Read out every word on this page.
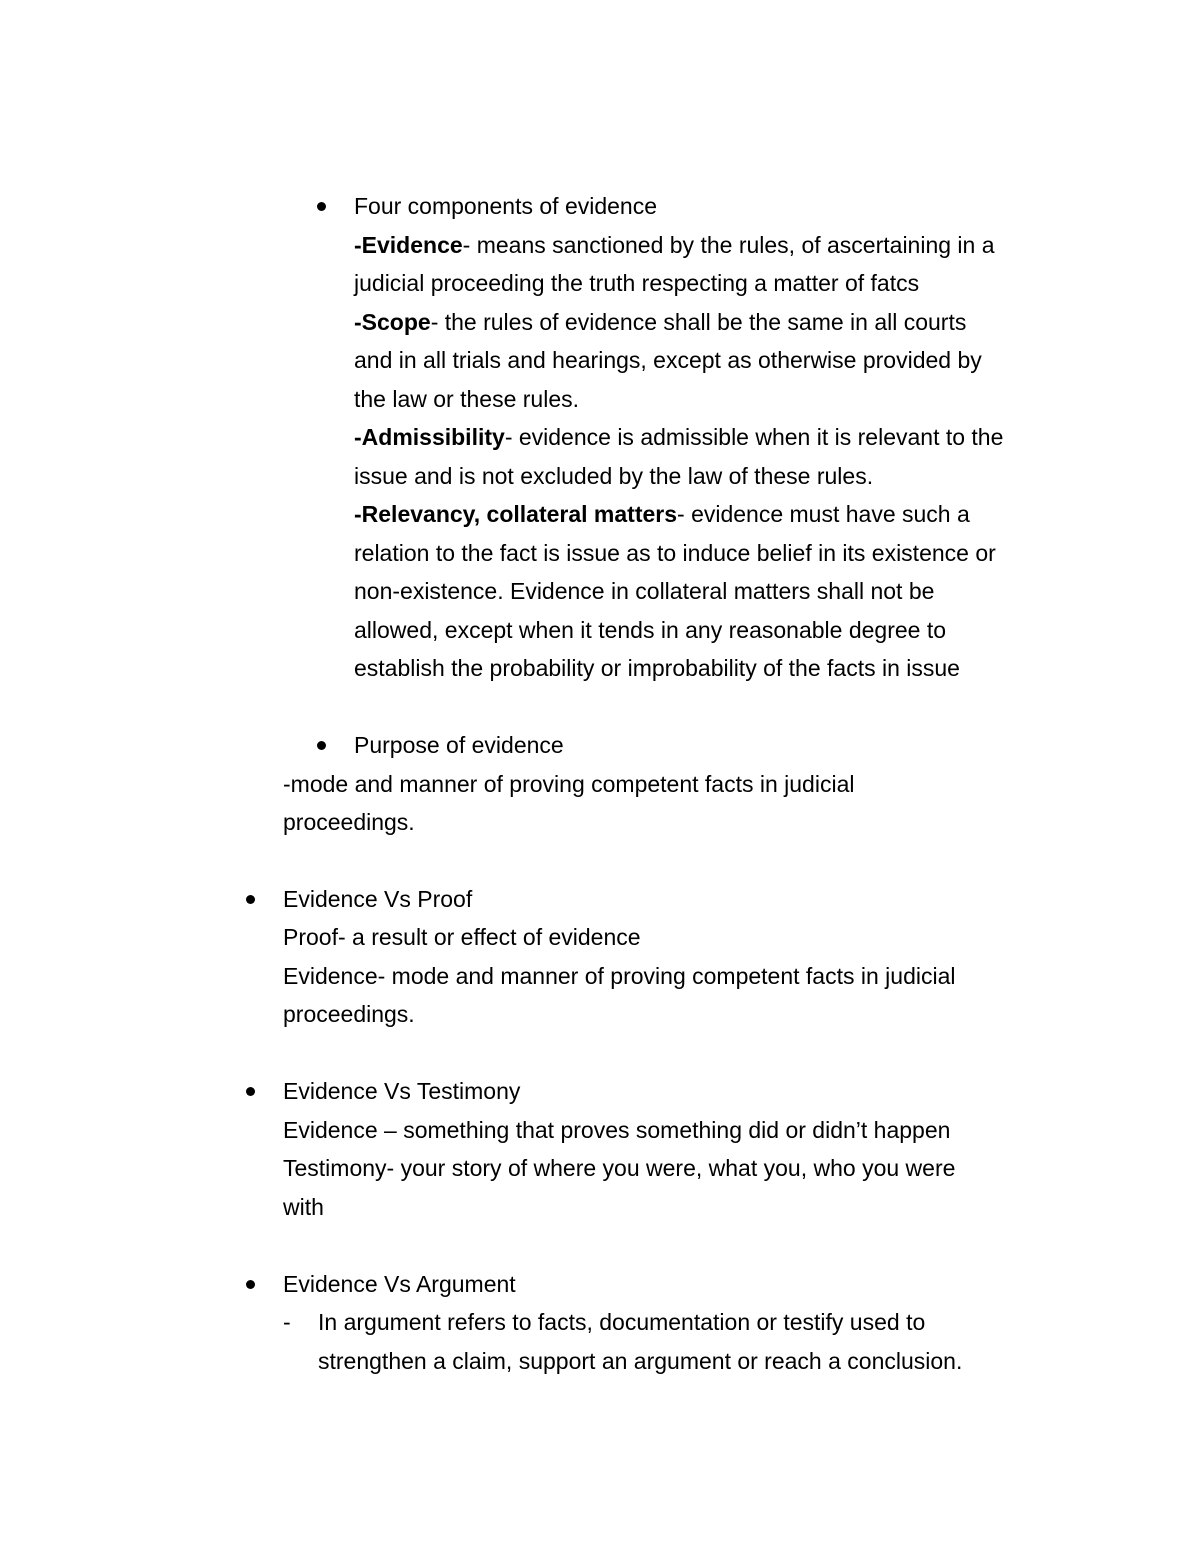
Four components of evidence
-Evidence- means sanctioned by the rules, of ascertaining in a
judicial proceeding the truth respecting a matter of fatcs
-Scope- the rules of evidence shall be the same in all courts
and in all trials and hearings, except as otherwise provided by
the law or these rules.
-Admissibility- evidence is admissible when it is relevant to the
issue and is not excluded by the law of these rules.
-Relevancy, collateral matters- evidence must have such a
relation to the fact is issue as to induce belief in its existence or
non-existence. Evidence in collateral matters shall not be
allowed, except when it tends in any reasonable degree to
establish the probability or improbability of the facts in issue
Purpose of evidence
-mode and manner of proving competent facts in judicial
proceedings.
Evidence Vs Proof
Proof- a result or effect of evidence
Evidence- mode and manner of proving competent facts in judicial
proceedings.
Evidence Vs Testimony
Evidence – something that proves something did or didn’t happen
Testimony- your story of where you were, what you, who you were
with
Evidence Vs Argument
- In argument refers to facts, documentation or testify used to
strengthen a claim, support an argument or reach a conclusion.
